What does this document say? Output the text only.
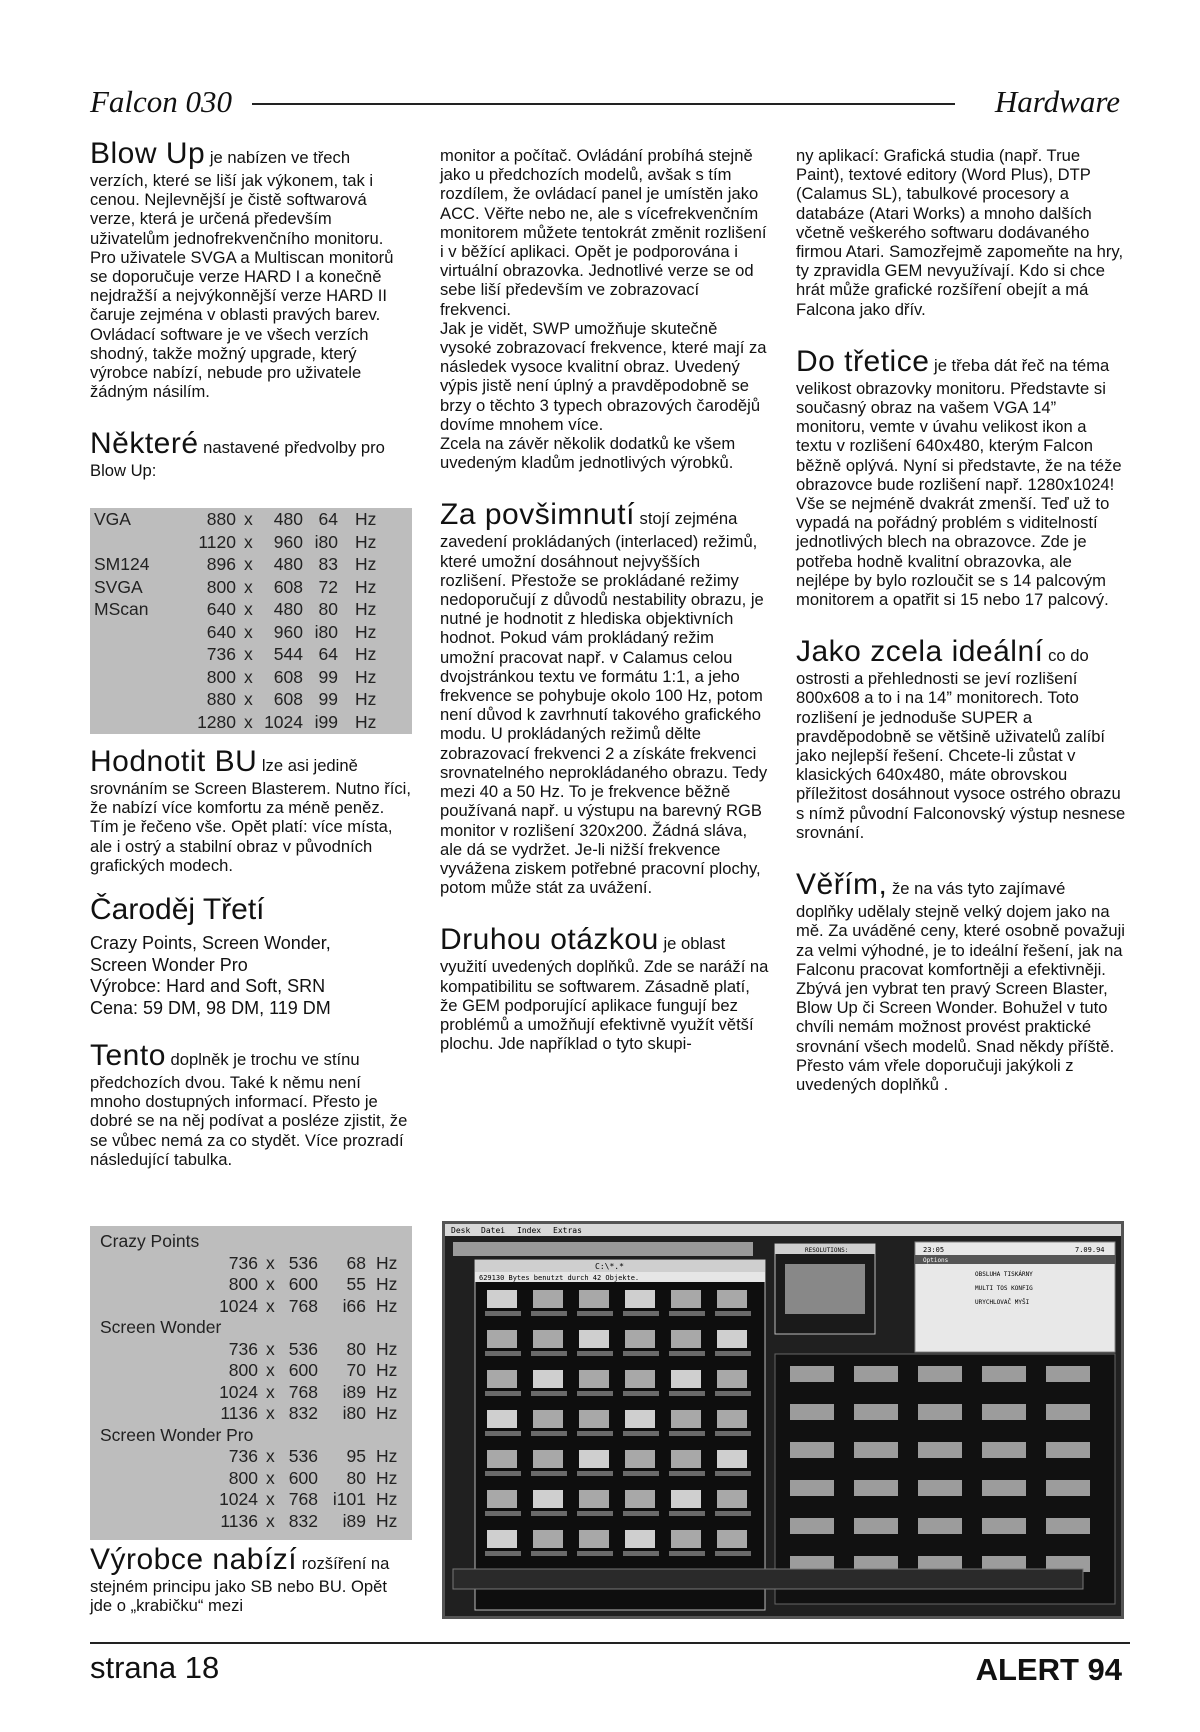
Falcon 030	Hardware

Blow Up je nabízen ve třech verzích, které se liší jak výkonem, tak i cenou. Nejlevnější je čistě softwarová verze, která je určená především uživatelům jednofrekvenčního monitoru. Pro uživatele SVGA a Multiscan monitorů se doporučuje verze HARD I a konečně nejdražší a nejvýkonnější verze HARD II čaruje zejména v oblasti pravých barev. Ovládací software je ve všech verzích shodný, takže možný upgrade, který výrobce nabízí, nebude pro uživatele žádným násilím.

Některé nastavené předvolby pro Blow Up:

VGA	880 x 480 64 Hz
1120 x 960 i80 Hz
SM124	896 x 480 83 Hz
SVGA	800 x 608 72 Hz
MScan	640 x 480 80 Hz
640 x 960 i80 Hz
736 x 544 64 Hz
800 x 608 99 Hz
880 x 608 99 Hz
1280 x 1024 i99 Hz

Hodnotit BU lze asi jedině srovnáním se Screen Blasterem. Nutno říci, že nabízí více komfortu za méně peněz. Tím je řečeno vše. Opět platí: více místa, ale i ostrý a stabilní obraz v původních grafických modech.

Čaroděj Třetí
Crazy Points, Screen Wonder,
Screen Wonder Pro
Výrobce: Hard and Soft, SRN
Cena: 59 DM, 98 DM, 119 DM

Tento doplněk je trochu ve stínu předchozích dvou. Také k němu není mnoho dostupných informací. Přesto je dobré se na něj podívat a posléze zjistit, že se vůbec nemá za co stydět. Více prozradí následující tabulka.

Crazy Points
736 x 536 68 Hz
800 x 600 55 Hz
1024 x 768 i66 Hz
Screen Wonder
736 x 536 80 Hz
800 x 600 70 Hz
1024 x 768 i89 Hz
1136 x 832 i80 Hz
Screen Wonder Pro
736 x 536 95 Hz
800 x 600 80 Hz
1024 x 768 i101 Hz
1136 x 832 i89 Hz
Výrobce nabízí rozšíření na stejném principu jako SB nebo BU. Opět jde o „krabičku“ mezi

monitor a počítač. Ovládání probíhá stejně jako u předchozích modelů, avšak s tím rozdílem, že ovládací panel je umístěn jako ACC. Věřte nebo ne, ale s vícefrekvenčním monitorem můžete tentokrát změnit rozlišení i v běžící aplikaci. Opět je podporována i virtuální obrazovka. Jednotlivé verze se od sebe liší především ve zobrazovací frekvenci.

Jak je vidět, SWP umožňuje skutečně vysoké zobrazovací frekvence, které mají za následek vysoce kvalitní obraz. Uvedený výpis jistě není úplný a pravděpodobně se brzy o těchto 3 typech obrazových čarodějů dovíme mnohem více.

Zcela na závěr několik dodatků ke všem uvedeným kladům jednotlivých výrobků.

Za povšimnutí stojí zejména zavedení prokládaných (interlaced) režimů, které umožní dosáhnout nejvyšších rozlišení. Přestože se prokládané režimy nedoporučují z důvodů nestability obrazu, je nutné je hodnotit z hlediska objektivních hodnot. Pokud vám prokládaný režim umožní pracovat např. v Calamus celou dvojstránkou textu ve formátu 1:1, a jeho frekvence se pohybuje okolo 100 Hz, potom není důvod k zavrhnutí takového grafického modu. U prokládaných režimů dělte zobrazovací frekvenci 2 a získáte frekvenci srovnatelného neprokládaného obrazu. Tedy mezi 40 a 50 Hz. To je frekvence běžně používaná např. u výstupu na barevný RGB monitor v rozlišení 320x200. Žádná sláva, ale dá se vydržet. Je-li nižší frekvence vyvážena ziskem potřebné pracovní plochy, potom může stát za uvážení.

Druhou otázkou je oblast využití uvedených doplňků. Zde se naráží na kompatibilitu se softwarem. Zásadně platí, že GEM podporující aplikace fungují bez problémů a umožňují efektivně využít větší plochu. Jde například o tyto skupi-

ny aplikací: Grafická studia (např. True Paint), textové editory (Word Plus), DTP (Calamus SL), tabulkové procesory a databáze (Atari Works) a mnoho dalších včetně veškerého softwaru dodávaného firmou Atari. Samozřejmě zapomeňte na hry, ty zpravidla GEM nevyužívají. Kdo si chce hrát může grafické rozšíření obejít a má Falcona jako dřív.

Do třetice je třeba dát řeč na téma velikost obrazovky monitoru. Představte si současný obraz na vašem VGA 14” monitoru, vemte v úvahu velikost ikon a textu v rozlišení 640x480, kterým Falcon běžně oplývá. Nyní si představte, že na téže obrazovce bude rozlišení např. 1280x1024! Vše se nejméně dvakrát zmenší. Teď už to vypadá na pořádný problém s viditelností jednotlivých blech na obrazovce. Zde je potřeba hodně kvalitní obrazovka, ale nejlépe by bylo rozloučit se s 14 palcovým monitorem a opatřit si 15 nebo 17 palcový.

Jako zcela ideální co do ostrosti a přehlednosti se jeví rozlišení 800x608 a to i na 14” monitorech. Toto rozlišení je jednoduše SUPER a pravděpodobně se většině uživatelů zalíbí jako nejlepší řešení. Chcete-li zůstat v klasických 640x480, máte obrovskou příležitost dosáhnout vysoce ostrého obrazu s nímž původní Falconovský výstup nesnese srovnání.

Věřím, že na vás tyto zajímavé doplňky udělaly stejně velký dojem jako na mě. Za uváděné ceny, které osobně považuji za velmi výhodné, je to ideální řešení, jak na Falconu pracovat komfortněji a efektivněji. Zbývá jen vybrat ten pravý Screen Blaster, Blow Up či Screen Wonder. Bohužel v tuto chvíli nemám možnost provést praktické srovnání všech modelů. Snad někdy příště. Přesto vám vřele doporučuji jakýkoli z uvedených doplňků .

Desk Datei Index Extras
C:\*.*
629130 Bytes benutzt durch 42 Objekte.
RESOLUTIONS:	23:05	7.09.94
Options
OBSLUHA TISKÁRNY
MULTI TOS KONFIG
URYCHLOVAČ MYŠI
strana 18	ALERT 94
